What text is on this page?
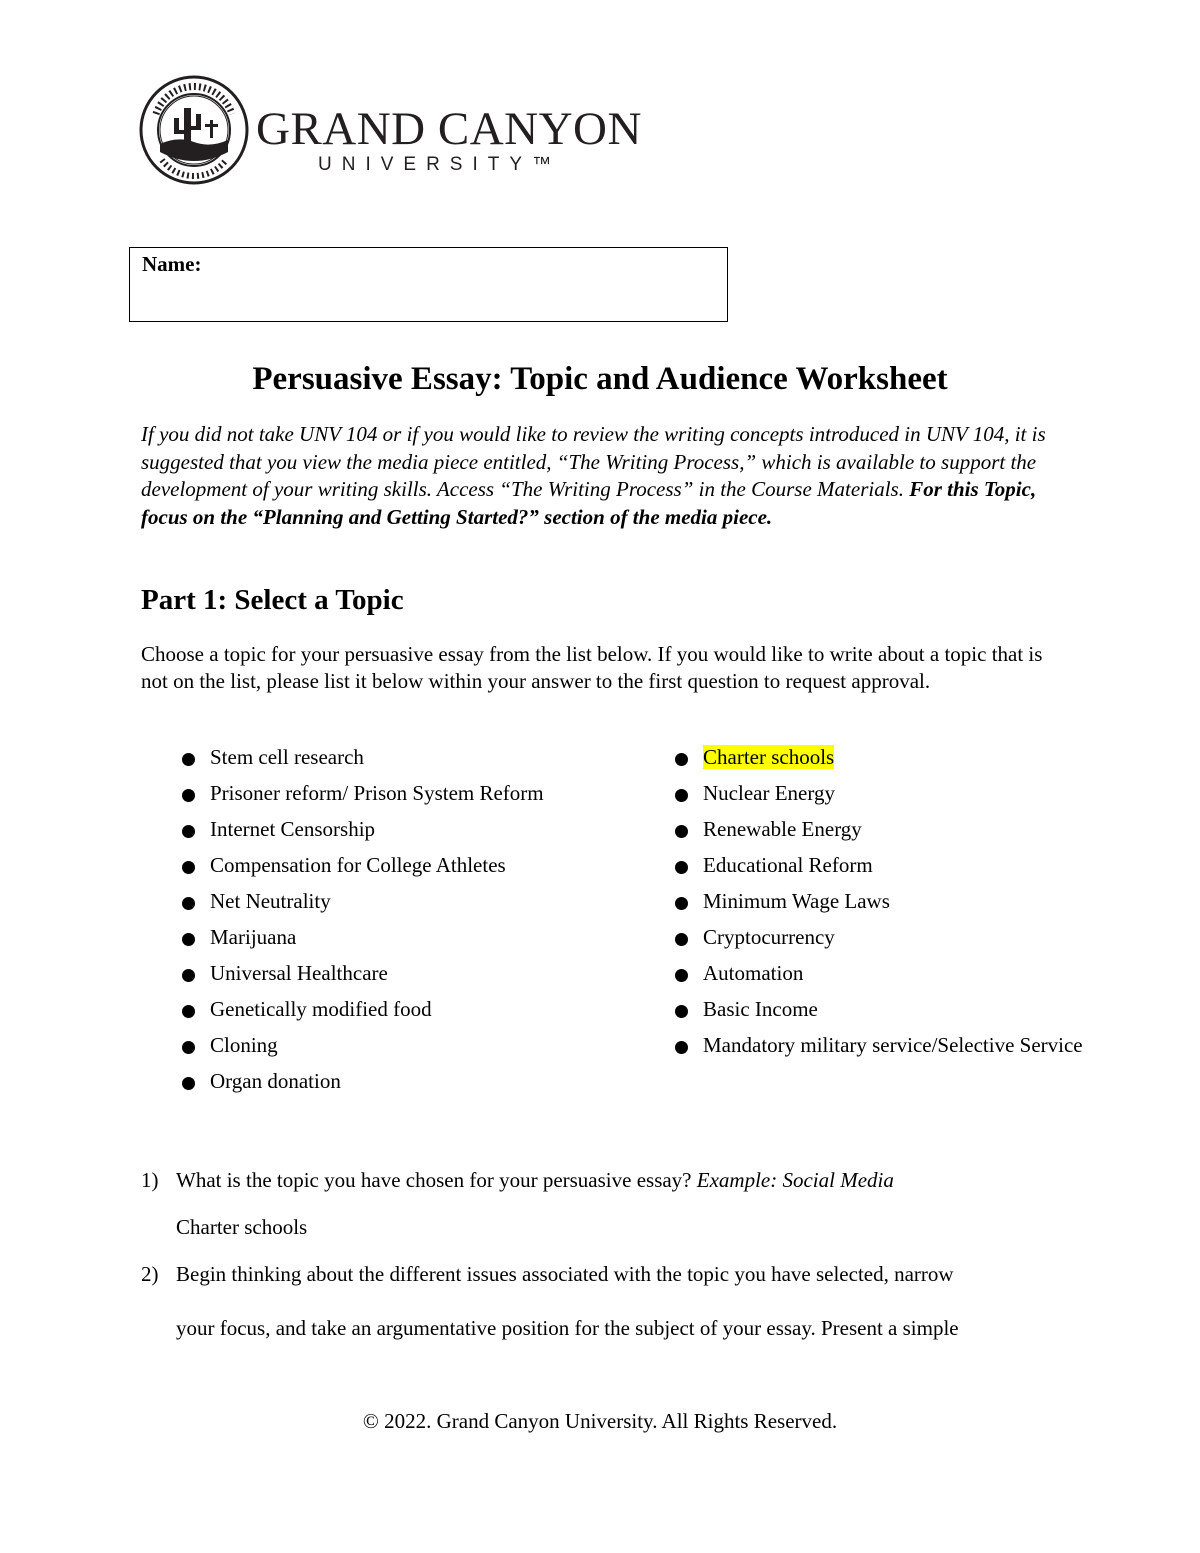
GRAND CANYON
UNIVERSITY™
Name:
Persuasive Essay: Topic and Audience Worksheet
If you did not take UNV 104 or if you would like to review the writing concepts introduced in UNV 104, it is suggested that you view the media piece entitled, “The Writing Process,” which is available to support the development of your writing skills. Access “The Writing Process” in the Course Materials. For this Topic, focus on the “Planning and Getting Started?” section of the media piece.
Part 1: Select a Topic
Choose a topic for your persuasive essay from the list below. If you would like to write about a topic that is not on the list, please list it below within your answer to the first question to request approval.
Stem cell research
Prisoner reform/ Prison System Reform
Internet Censorship
Compensation for College Athletes
Net Neutrality
Marijuana
Universal Healthcare
Genetically modified food
Cloning
Organ donation
Charter schools
Nuclear Energy
Renewable Energy
Educational Reform
Minimum Wage Laws
Cryptocurrency
Automation
Basic Income
Mandatory military service/Selective Service
1) What is the topic you have chosen for your persuasive essay? Example: Social Media
Charter schools
2) Begin thinking about the different issues associated with the topic you have selected, narrow
your focus, and take an argumentative position for the subject of your essay. Present a simple
© 2022. Grand Canyon University. All Rights Reserved.
